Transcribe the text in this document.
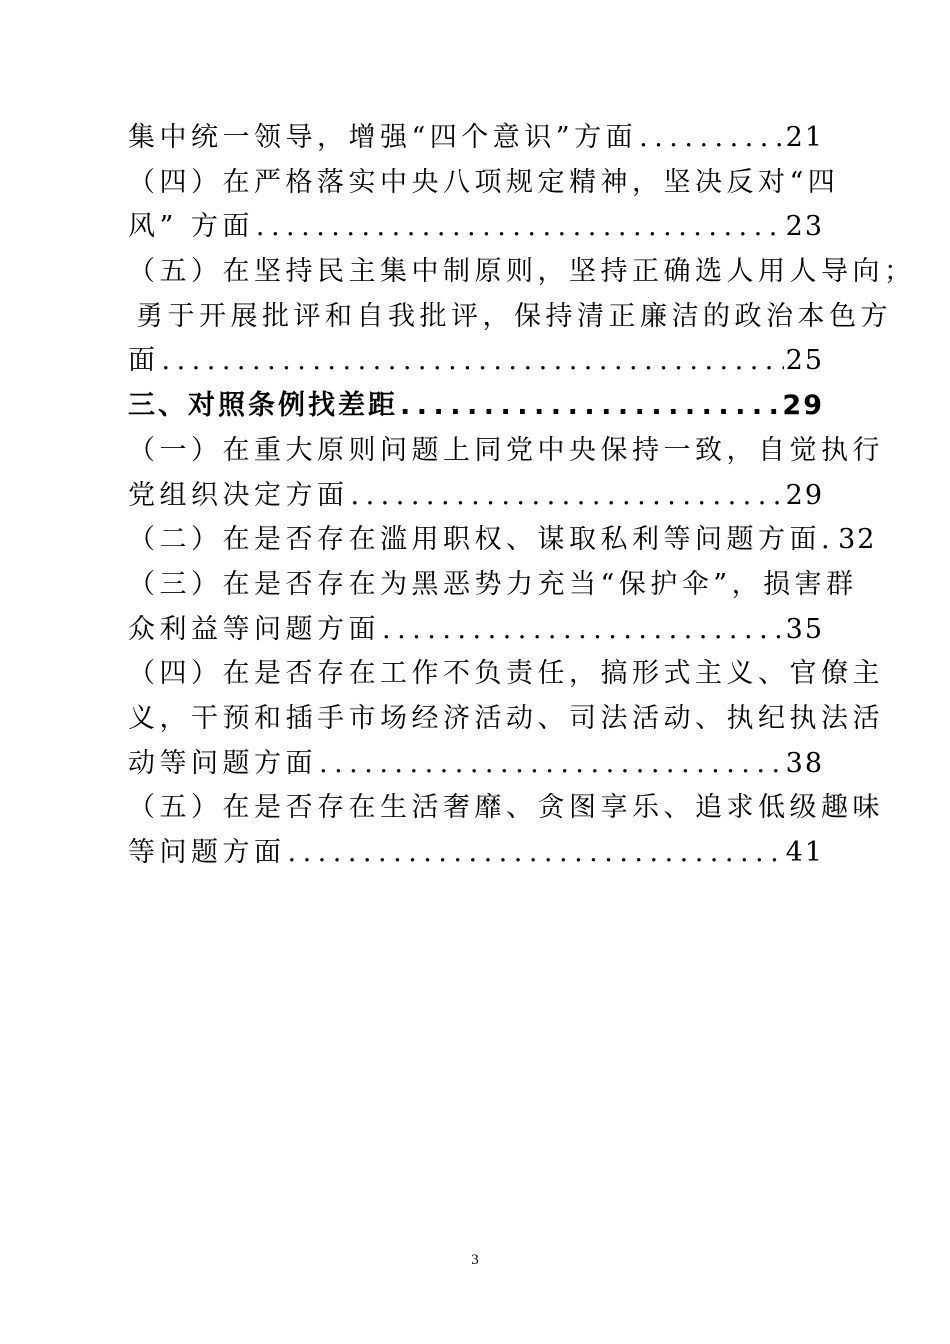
集中统一领导，增强“四个意识”方面 .....	21
（四）在严格落实中央八项规定精神，坚决反对“四
风” 方面 .....	23
（五）在坚持民主集中制原则，坚持正确选人用人导向；
勇于开展批评和自我批评，保持清正廉洁的政治本色方
面 .....	25
三、对照条例找差距 .....	29
（一）在重大原则问题上同党中央保持一致，自觉执行
党组织决定方面 .....	29
（二）在是否存在滥用职权、谋取私利等问题方面. 32
（三）在是否存在为黑恶势力充当“保护伞”，损害群
众利益等问题方面 .....	35
（四）在是否存在工作不负责任，搞形式主义、官僚主
义，干预和插手市场经济活动、司法活动、执纪执法活
动等问题方面 .....	38
（五）在是否存在生活奢靡、贪图享乐、追求低级趣味
等问题方面 .....	41
3
